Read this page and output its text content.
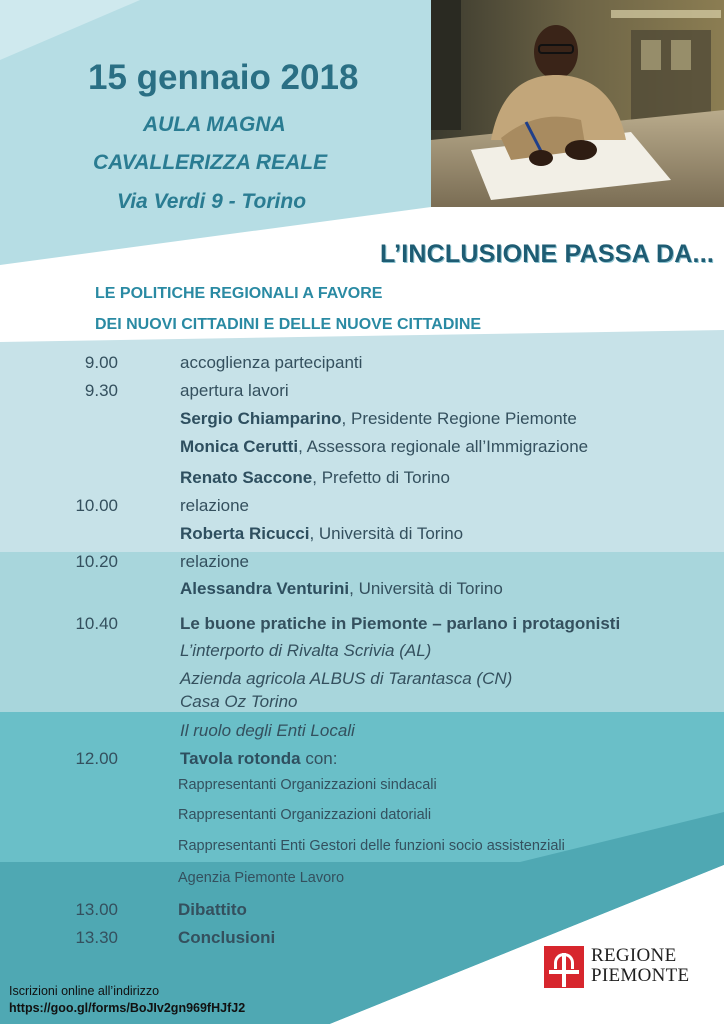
15 gennaio 2018
AULA MAGNA
CAVALLERIZZA REALE
Via Verdi 9 - Torino
L’INCLUSIONE PASSA DA...
LE POLITICHE REGIONALI A FAVORE
DEI NUOVI CITTADINI E DELLE NUOVE CITTADINE
9.00	accoglienza partecipanti
9.30	apertura lavori
Sergio Chiamparino, Presidente Regione Piemonte
Monica Cerutti, Assessora regionale all’Immigrazione
Renato Saccone, Prefetto di Torino
10.00	relazione
Roberta Ricucci, Università di Torino
10.20	relazione
Alessandra Venturini, Università di Torino
10.40	Le buone pratiche in Piemonte – parlano i protagonisti
L’interporto di Rivalta Scrivia (AL)
Azienda agricola ALBUS di Tarantasca (CN)
Casa Oz Torino
Il ruolo degli Enti Locali
12.00	Tavola rotonda con:
Rappresentanti Organizzazioni sindacali
Rappresentanti Organizzazioni datoriali
Rappresentanti Enti Gestori delle funzioni socio assistenziali
Agenzia Piemonte Lavoro
13.00	Dibattito
13.30	Conclusioni
Iscrizioni online all’indirizzo
https://goo.gl/forms/BoJIv2gn969fHJfJ2
REGIONE
PIEMONTE
